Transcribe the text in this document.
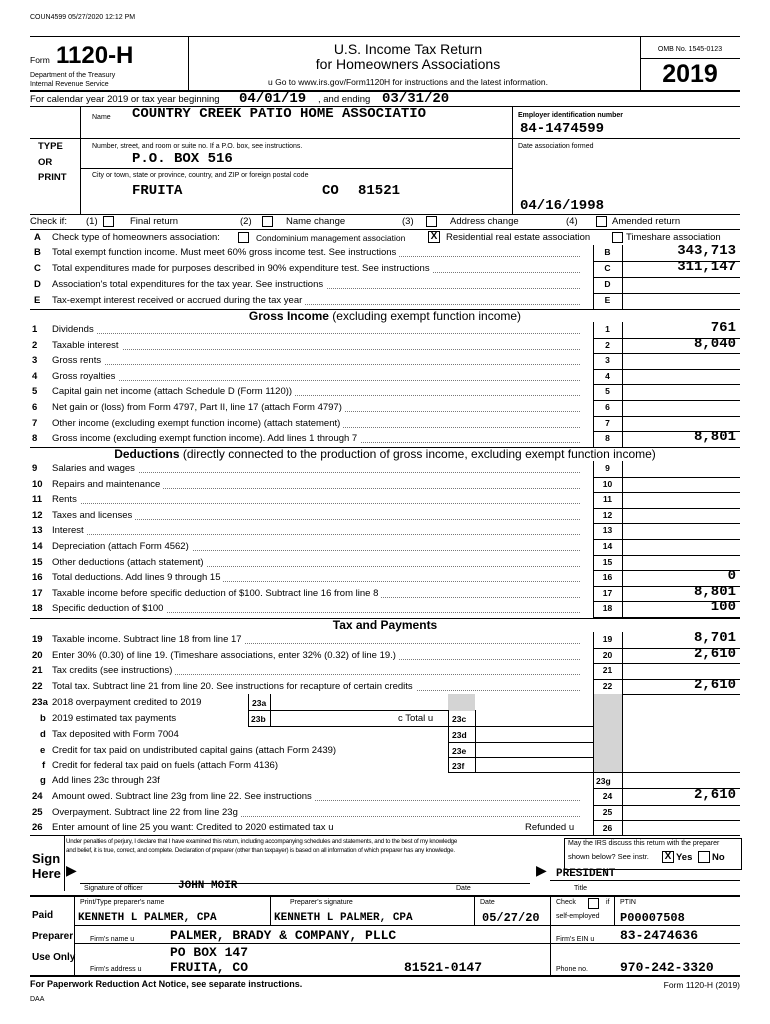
COUN4599 05/27/2020 12:12 PM
Form 1120-H
Department of the Treasury
Internal Revenue Service
U.S. Income Tax Return
for Homeowners Associations
u Go to www.irs.gov/Form1120H for instructions and the latest information.
OMB No. 1545-0123
2019
For calendar year 2019 or tax year beginning 04/01/19 , and ending 03/31/20
Name COUNTRY CREEK PATIO HOME ASSOCIATIO	Employer identification number
84-1474599
TYPE
OR
PRINT
Number, street, and room or suite no. If a P.O. box, see instructions.
P.O. BOX 516
Date association formed
City or town, state or province, country, and ZIP or foreign postal code
FRUITA	CO 81521
04/16/1998
Check if: (1)	Final return	(2)	Name change	(3)	Address change	(4)	Amended return
A Check type of homeowners association:	Condominium management association	X Residential real estate association	Timeshare association
B Total exempt function income. Must meet 60% gross income test. See instructions	B	343,713
C Total expenditures made for purposes described in 90% expenditure test. See instructions	C	311,147
D Association's total expenditures for the tax year. See instructions	D
E Tax-exempt interest received or accrued during the tax year	E
1 Dividends	1	761
2 Taxable interest	2	8,040
3 Gross rents	3
4 Gross royalties	4
5 Capital gain net income (attach Schedule D (Form 1120))	5
6 Net gain or (loss) from Form 4797, Part II, line 17 (attach Form 4797)	6
7 Other income (excluding exempt function income) (attach statement)	7
8 Gross income (excluding exempt function income). Add lines 1 through 7	8	8,801
9 Salaries and wages	9
10 Repairs and maintenance	10
11 Rents	11
12 Taxes and licenses	12
13 Interest	13
14 Depreciation (attach Form 4562)	14
15 Other deductions (attach statement)	15
16 Total deductions. Add lines 9 through 15	16	0
17 Taxable income before specific deduction of $100. Subtract line 16 from line 8	17	8,801
18 Specific deduction of $100	18	100
19 Taxable income. Subtract line 18 from line 17	19	8,701
20 Enter 30% (0.30) of line 19. (Timeshare associations, enter 32% (0.32) of line 19.)	20	2,610
21 Tax credits (see instructions)	21
22 Total tax. Subtract line 21 from line 20. See instructions for recapture of certain credits	22	2,610
24 Amount owed. Subtract line 23g from line 22. See instructions	24	2,610
25 Overpayment. Subtract line 22 from line 23g	25
Gross Income (excluding exempt function income)
Deductions (directly connected to the production of gross income, excluding exempt function income)
Tax and Payments
23a 2018 overpayment credited to 2019	23a
b 2019 estimated tax payments	23b	c Total u 23c
d Tax deposited with Form 7004	23d
e Credit for tax paid on undistributed capital gains (attach Form 2439)	23e
f Credit for federal tax paid on fuels (attach Form 4136)	23f
g Add lines 23c through 23f	23g
26 Enter amount of line 25 you want: Credited to 2020 estimated tax u	Refunded u	26
Sign
Here ▶	▶
Under penalties of perjury, I declare that I have examined this return, including accompanying schedules and statements, and to the best of my knowledge
and belief, it is true, correct, and complete. Declaration of preparer (other than taxpayer) is based on all information of which preparer has any knowledge.
May the IRS discuss this return with the preparer
shown below? See instr. X Yes No
JOHN MOIR
PRESIDENT
Signature of officer	Date	Title
Paid
Preparer
Use Only
Print/Type preparer's name
KENNETH L PALMER, CPA
Preparer's signature
KENNETH L PALMER, CPA
Date
05/27/20
Check	if
self-employed
PTIN
P00007508
Firm's name u	PALMER, BRADY & COMPANY, PLLC	Firm's EIN u 83-2474636
PO BOX 147
Firm's address u FRUITA, CO	81521-0147	Phone no. 970-242-3320
For Paperwork Reduction Act Notice, see separate instructions.	Form 1120-H (2019)
DAA
